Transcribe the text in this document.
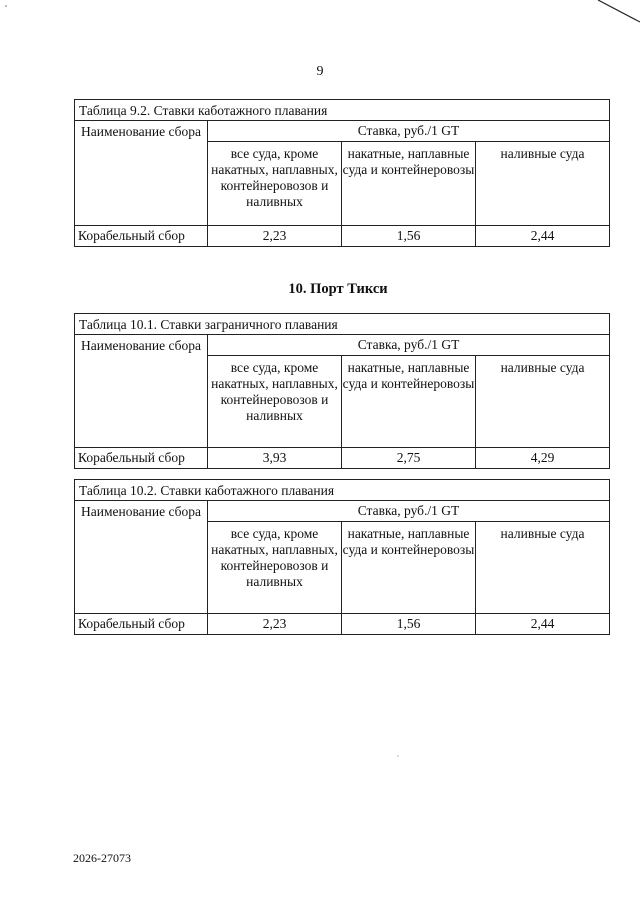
9
Таблица 9.2. Ставки каботажного плавания			
Наименование сбора	Ставка, руб./1 GT		
	все суда, кроме накатных, наплавных, контейнеровозов и наливных	накатные, наплавные суда и контейнеровозы	наливные суда
Корабельный сбор	2,23	1,56	2,44
10. Порт Тикси
Таблица 10.1. Ставки заграничного плавания			
Наименование сбора	Ставка, руб./1 GT		
	все суда, кроме накатных, наплавных, контейнеровозов и наливных	накатные, наплавные суда и контейнеровозы	наливные суда
Корабельный сбор	3,93	2,75	4,29
Таблица 10.2. Ставки каботажного плавания			
Наименование сбора	Ставка, руб./1 GT		
	все суда, кроме накатных, наплавных, контейнеровозов и наливных	накатные, наплавные суда и контейнеровозы	наливные суда
Корабельный сбор	2,23	1,56	2,44
2026-27073
